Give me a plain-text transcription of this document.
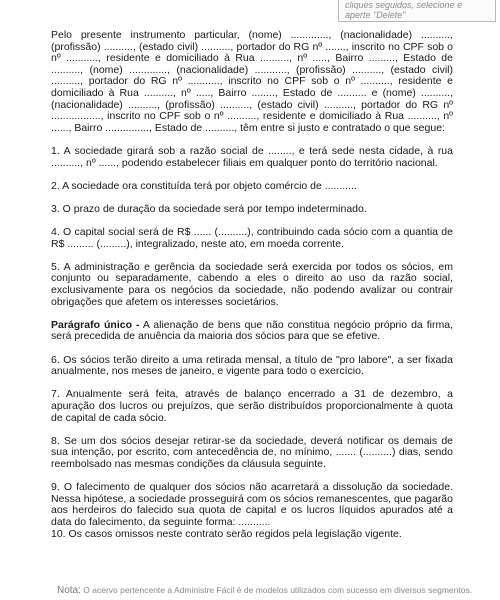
cliques seguidos, selecione e aperte "Delete"

Pelo presente instrumento particular, (nome) ............., (nacionalidade) .........., (profissão) .........., (estado civil) .........., portador do RG nº ......., inscrito no CPF sob o nº ..........., residente e domiciliado à Rua .........., nº ....., Bairro ........., Estado de .........., (nome) ............., (nacionalidade) ..........., (profissão) .........., (estado civil) .........., portador do RG nº ..........., inscrito no CPF sob o nº .........., residente e domiciliado à Rua .........., nº ....., Bairro ........, Estado de .......... e (nome) .........., (nacionalidade) .........., (profissão) .........., (estado civil) .........., portador do RG nº ................., inscrito no CPF sob o nº .........., residente e domiciliado à Rua .........., nº ......, Bairro ..............., Estado de .........., têm entre si justo e contratado o que segue:

1. A sociedade girará sob a razão social de ........, e terá sede nesta cidade, à rua .........., nº ......, podendo estabelecer filiais em qualquer ponto do território nacional.

2. A sociedade ora constituída terá por objeto comércio de ...........

3. O prazo de duração da sociedade será por tempo indeterminado.

4. O capital social será de R$ ...... (..........), contribuindo cada sócio com a quantia de R$ ......... (.........), integralizado, neste ato, em moeda corrente.

5. A administração e gerência da sociedade será exercida por todos os sócios, em conjunto ou separadamente, cabendo a eles o direito ao uso da razão social, exclusivamente para os negócios da sociedade, não podendo avalizar ou contrair obrigações que afetem os interesses societários.

Parágrafo único - A alienação de bens que não constitua negócio próprio da firma, será precedida de anuência da maioria dos sócios para que se efetive.

6. Os sócios terão direito a uma retirada mensal, a título de "pro labore", a ser fixada anualmente, nos meses de janeiro, e vigente para todo o exercício.

7. Anualmente será feita, através de balanço encerrado a 31 de dezembro, a apuração dos lucros ou prejuízos, que serão distribuídos proporcionalmente à quota de capital de cada sócio.

8. Se um dos sócios desejar retirar-se da sociedade, deverá notificar os demais de sua intenção, por escrito, com antecedência de, no mínimo, ....... (..........) dias, sendo reembolsado nas mesmas condições da cláusula seguinte.

9. O falecimento de qualquer dos sócios não acarretará a dissolução da sociedade. Nessa hipótese, a sociedade prosseguirá com os sócios remanescentes, que pagarão aos herdeiros do falecido sua quota de capital e os lucros líquidos apurados até a data do falecimento, da seguinte forma: ...........

10. Os casos omissos neste contrato serão regidos pela legislação vigente.

Nota: O acervo pertencente a Administre Fácil é de modelos utilizados com sucesso em diversos segmentos.
